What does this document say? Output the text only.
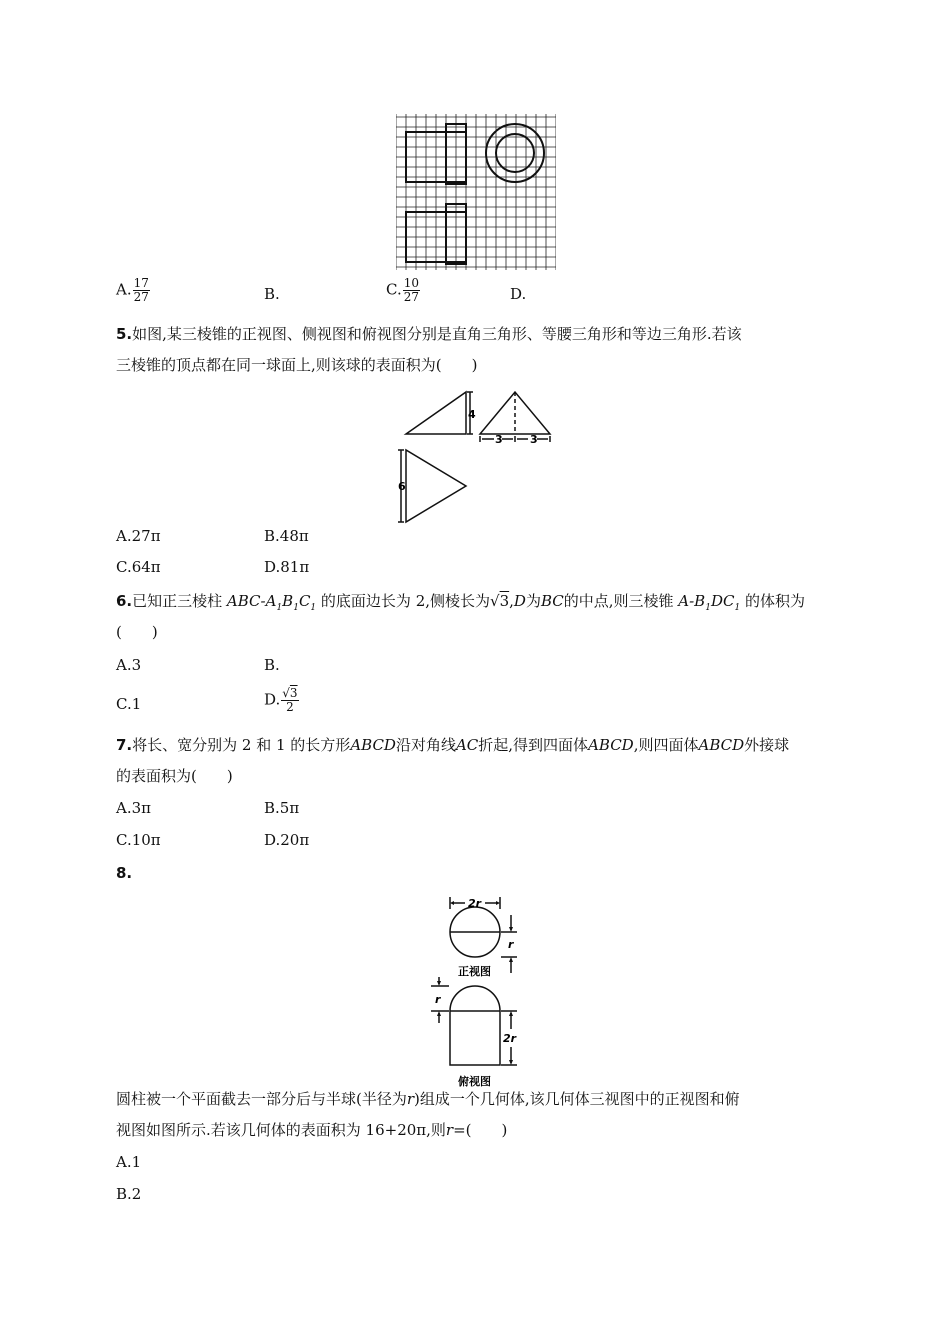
A. $\frac{17}{27}$	B.	C. $\frac{10}{27}$	D.
5.如图,某三棱锥的正视图、侧视图和俯视图分别是直角三角形、等腰三角形和等边三角形.若该
三棱锥的顶点都在同一球面上,则该球的表面积为(　　)
4
3 3
6
A.27π	B.48π
C.64π	D.81π
6.已知正三棱柱 ABC-$A_1B_1C_1$ 的底面边长为 2,侧棱长为√3,D为BC的中点,则三棱锥 $A-B_1DC_1$ 的体积为
(　　)
A.3	B.
C.1	D. $\frac{√3}{2}$
7.将长、宽分别为 2 和 1 的长方形ABCD沿对角线AC折起,得到四面体ABCD,则四面体ABCD外接球
的表面积为(　　)
A.3π	B.5π
C.10π	D.20π
8.
2r
r
正视图
r
2r
俯视图
圆柱被一个平面截去一部分后与半球(半径为r)组成一个几何体,该几何体三视图中的正视图和俯
视图如图所示.若该几何体的表面积为 16+20π,则r=(　　)
A.1
B.2
